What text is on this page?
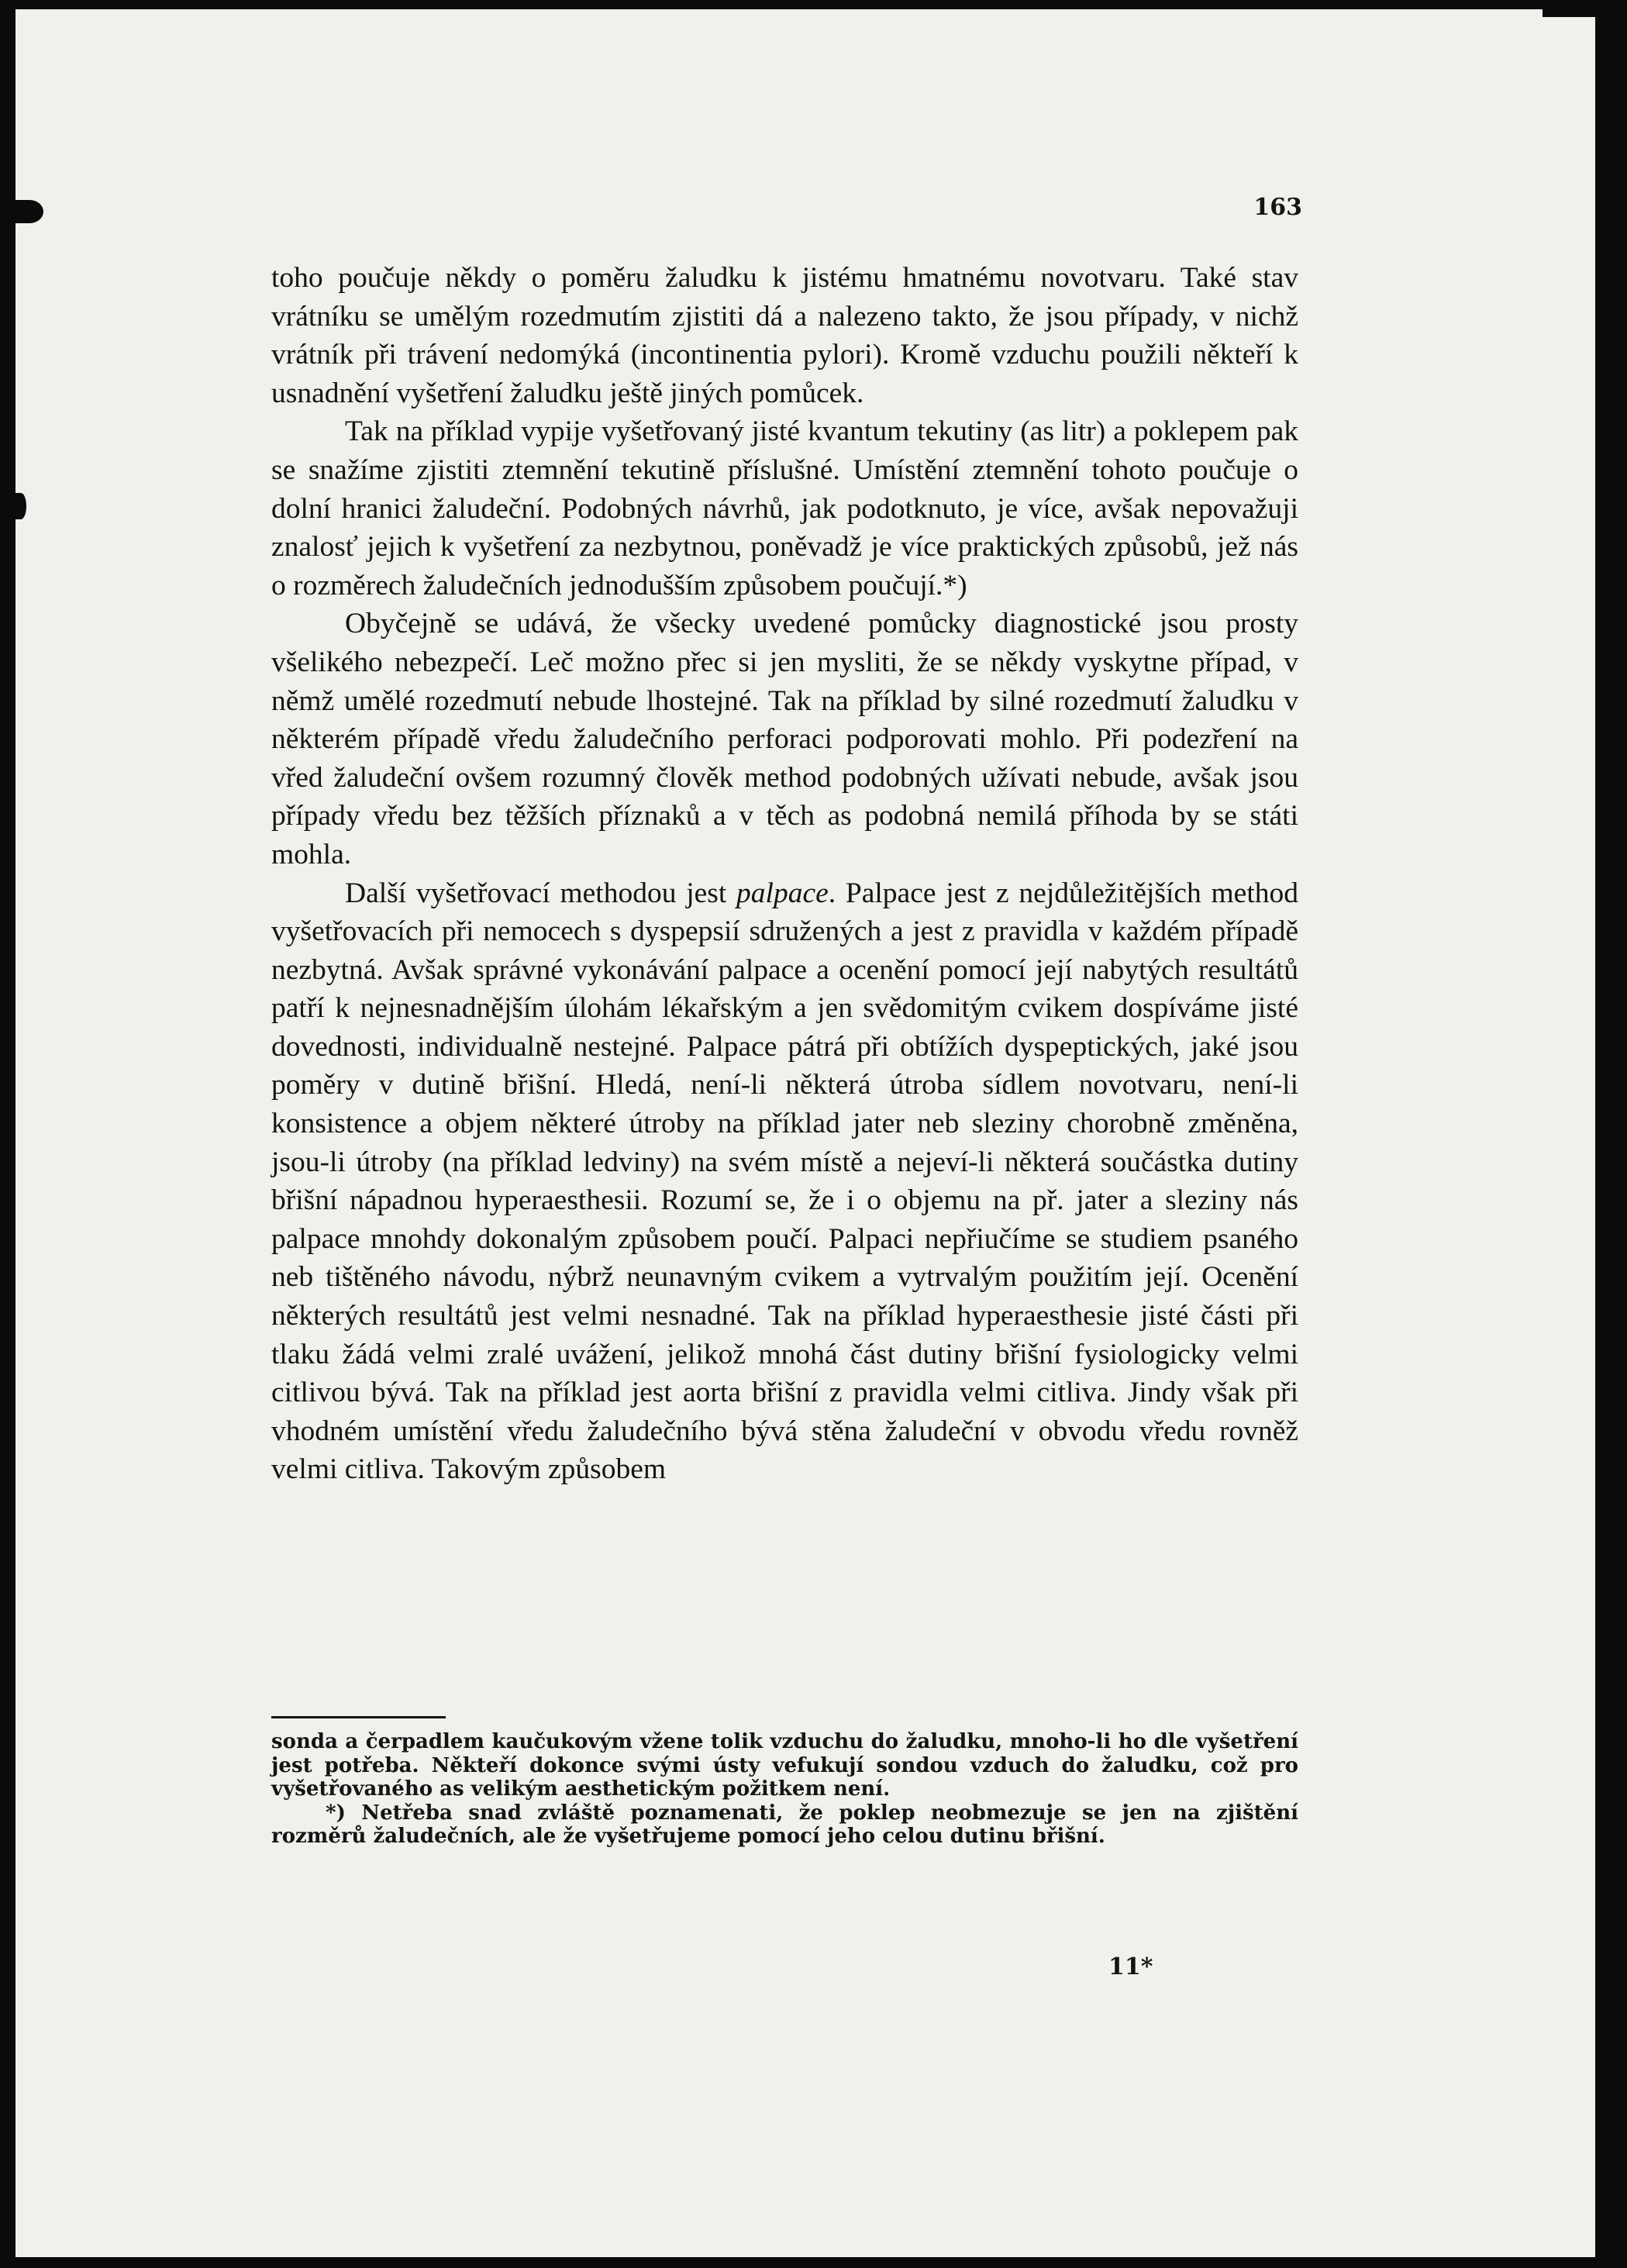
163

toho poučuje někdy o poměru žaludku k jistému hmatnému novotvaru. Také stav vrátníku se umělým rozedmutím zjistiti dá a nalezeno takto, že jsou případy, v nichž vrátník při trávení nedomýká (incontinentia pylori). Kromě vzduchu použili někteří k usnadnění vyšetření žaludku ještě jiných pomůcek.

Tak na příklad vypije vyšetřovaný jisté kvantum tekutiny (as litr) a poklepem pak se snažíme zjistiti ztemnění tekutině příslušné. Umístění ztemnění tohoto poučuje o dolní hranici žaludeční. Podobných návrhů, jak podotknuto, je více, avšak nepovažuji znalosť jejich k vyšetření za nezbytnou, poněvadž je více praktických způsobů, jež nás o rozměrech žaludečních jednodušším způsobem poučují.*)

Obyčejně se udává, že všecky uvedené pomůcky diagnostické jsou prosty všelikého nebezpečí. Leč možno přec si jen mysliti, že se někdy vyskytne případ, v němž umělé rozedmutí nebude lhostejné. Tak na příklad by silné rozedmutí žaludku v některém případě vředu žaludečního perforaci podporovati mohlo. Při podezření na vřed žaludeční ovšem rozumný člověk method podobných užívati nebude, avšak jsou případy vředu bez těžších příznaků a v těch as podobná nemilá příhoda by se státi mohla.

Další vyšetřovací methodou jest palpace. Palpace jest z nejdůležitějších method vyšetřovacích při nemocech s dyspepsií sdružených a jest z pravidla v každém případě nezbytná. Avšak správné vykonávání palpace a ocenění pomocí její nabytých resultátů patří k nejnesnadnějším úlohám lékařským a jen svědomitým cvikem dospíváme jisté dovednosti, individualně nestejné. Palpace pátrá při obtížích dyspeptických, jaké jsou poměry v dutině břišní. Hledá, není-li některá útroba sídlem novotvaru, není-li konsistence a objem některé útroby na příklad jater neb sleziny chorobně změněna, jsou-li útroby (na příklad ledviny) na svém místě a nejeví-li některá součástka dutiny břišní nápadnou hyperaesthesii. Rozumí se, že i o objemu na př. jater a sleziny nás palpace mnohdy dokonalým způsobem poučí. Palpaci nepřiučíme se studiem psaného neb tištěného návodu, nýbrž neunavným cvikem a vytrvalým použitím její. Ocenění některých resultátů jest velmi nesnadné. Tak na příklad hyperaesthesie jisté části při tlaku žádá velmi zralé uvážení, jelikož mnohá část dutiny břišní fysiologicky velmi citlivou bývá. Tak na příklad jest aorta břišní z pravidla velmi citliva. Jindy však při vhodném umístění vředu žaludečního bývá stěna žaludeční v obvodu vředu rovněž velmi citliva. Takovým způsobem

sonda a čerpadlem kaučukovým vžene tolik vzduchu do žaludku, mnoho-li ho dle vyšetření jest potřeba. Někteří dokonce svými ústy vefukují sondou vzduch do žaludku, což pro vyšetřovaného as velikým aesthetickým požitkem není.

*) Netřeba snad zvláště poznamenati, že poklep neobmezuje se jen na zjištění rozměrů žaludečních, ale že vyšetřujeme pomocí jeho celou dutinu břišní.

11*
